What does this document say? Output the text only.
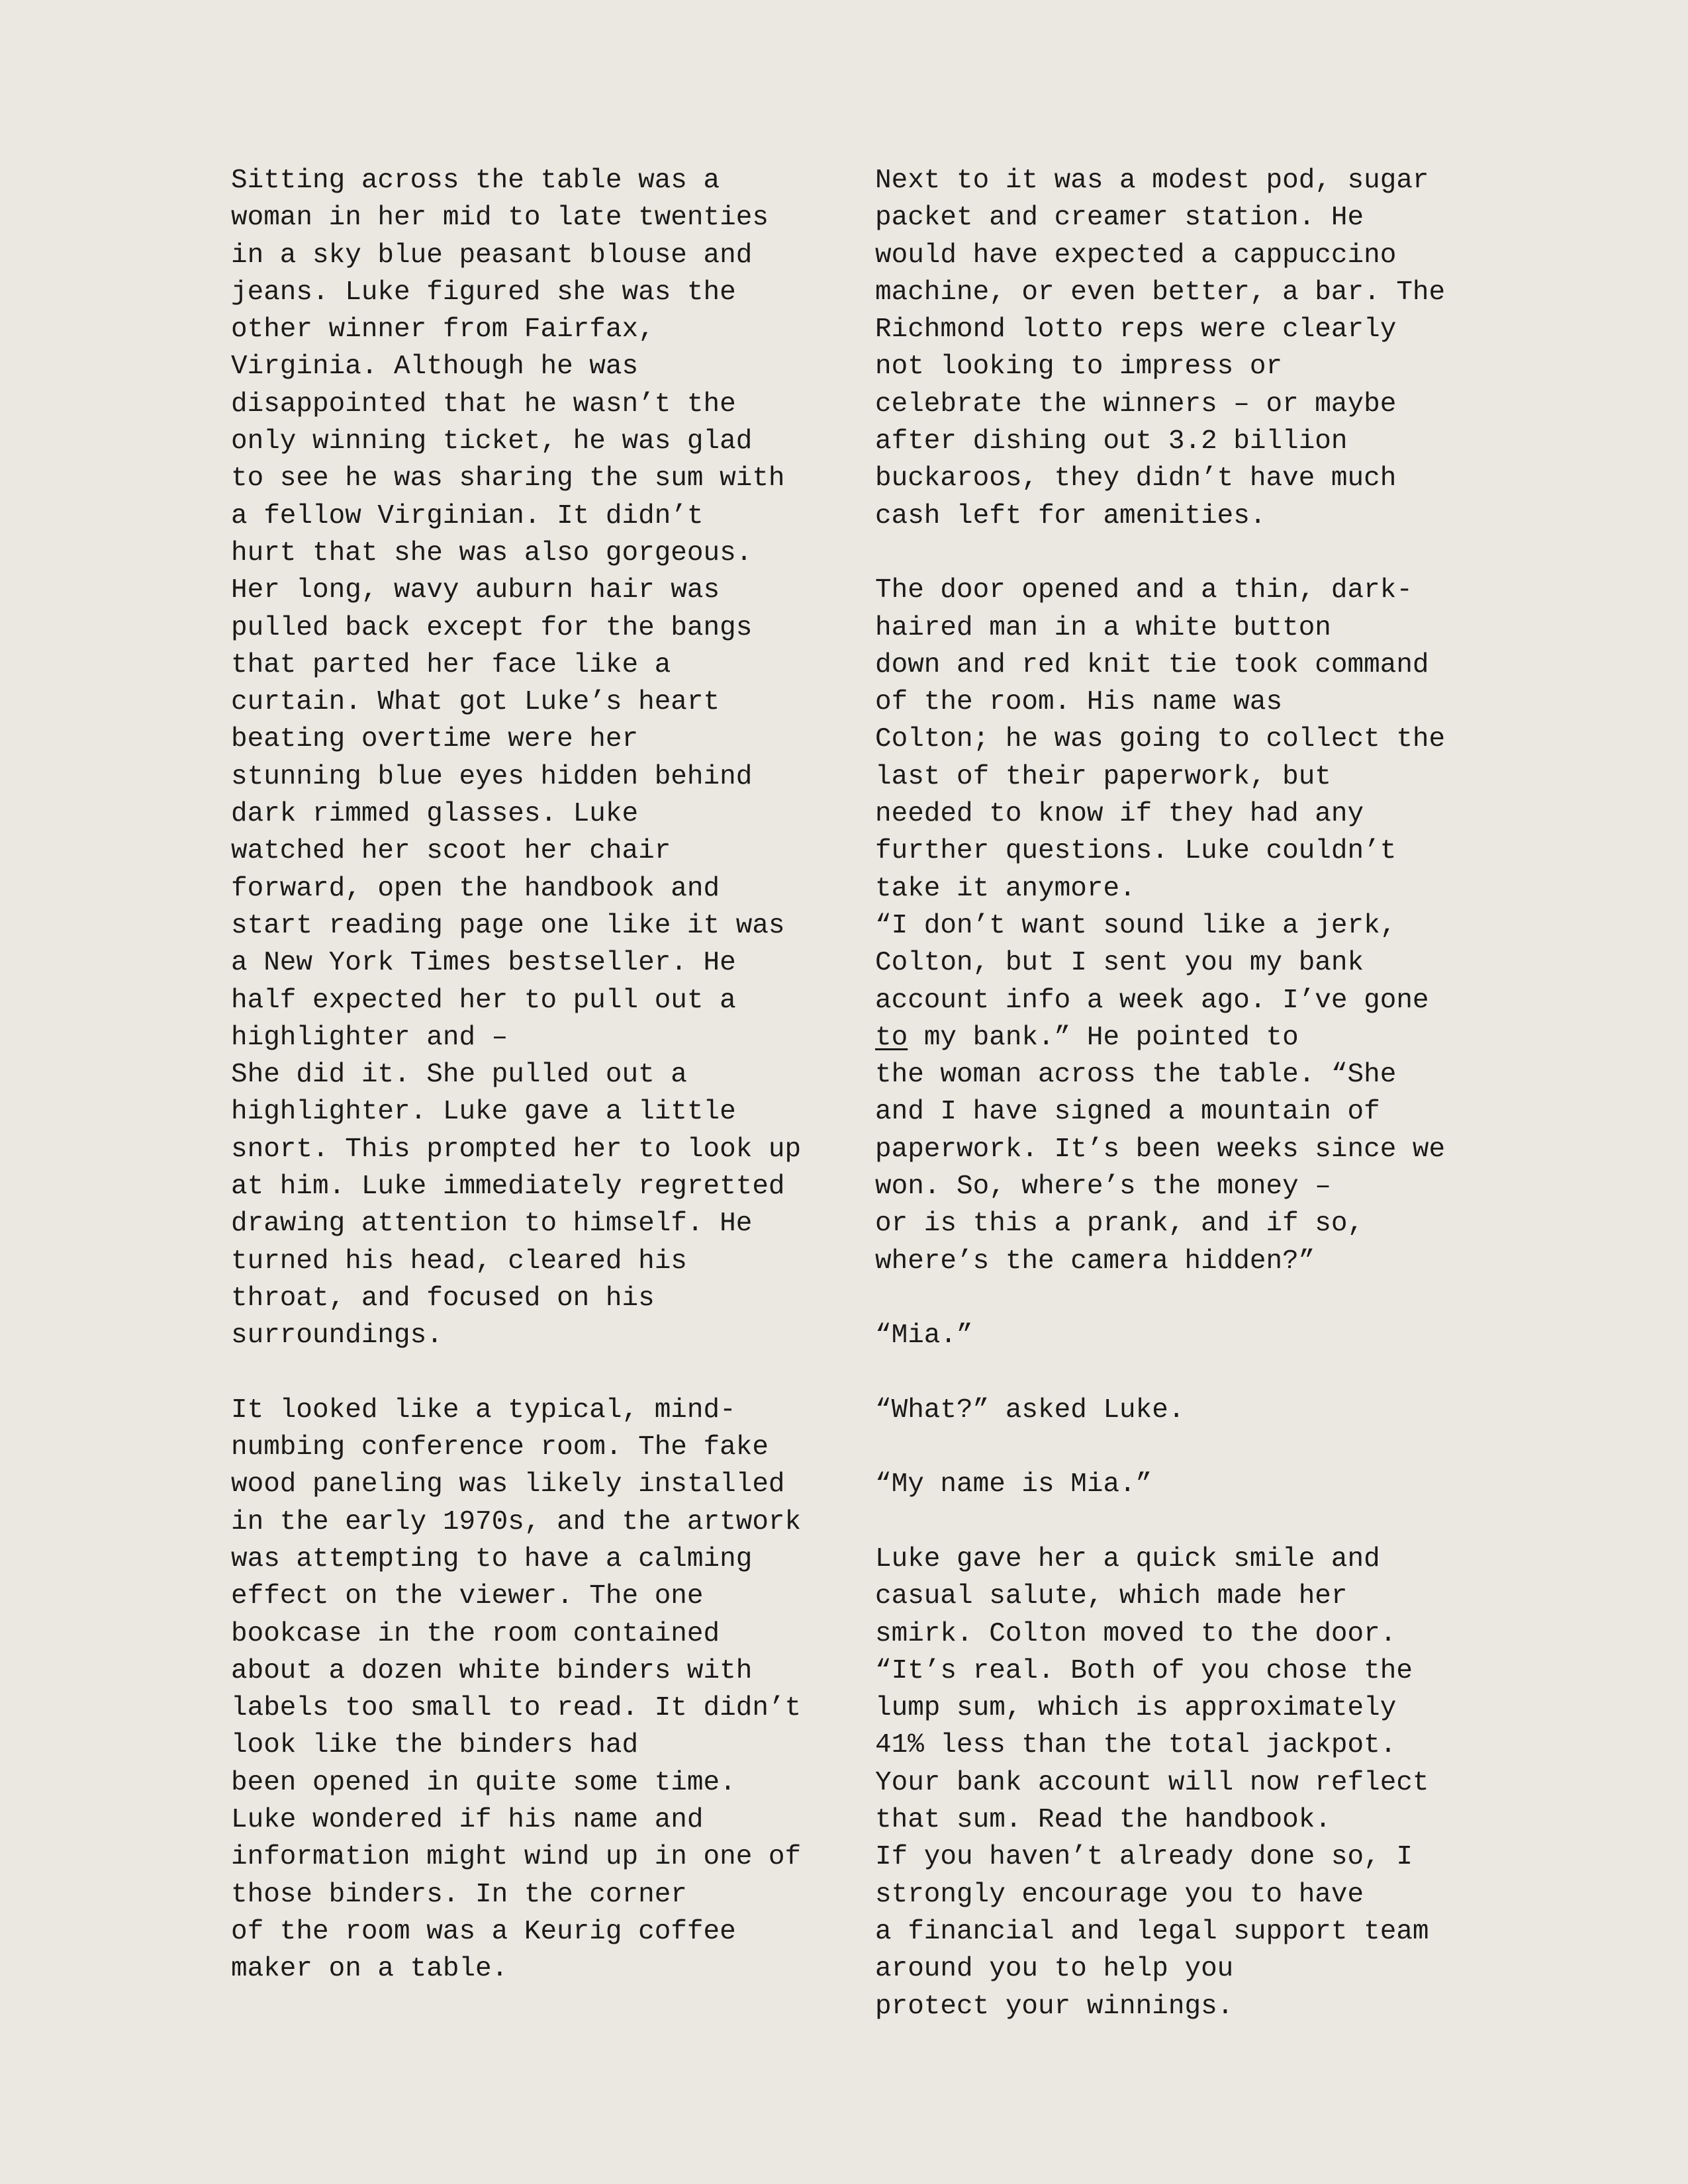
Sitting across the table was a
woman in her mid to late twenties
in a sky blue peasant blouse and
jeans. Luke figured she was the
other winner from Fairfax,
Virginia. Although he was
disappointed that he wasn’t the
only winning ticket, he was glad
to see he was sharing the sum with
a fellow Virginian. It didn’t
hurt that she was also gorgeous.
Her long, wavy auburn hair was
pulled back except for the bangs
that parted her face like a
curtain. What got Luke’s heart
beating overtime were her
stunning blue eyes hidden behind
dark rimmed glasses. Luke
watched her scoot her chair
forward, open the handbook and
start reading page one like it was
a New York Times bestseller. He
half expected her to pull out a
highlighter and –
She did it. She pulled out a
highlighter. Luke gave a little
snort. This prompted her to look up
at him. Luke immediately regretted
drawing attention to himself. He
turned his head, cleared his
throat, and focused on his
surroundings.
It looked like a typical, mind-
numbing conference room. The fake
wood paneling was likely installed
in the early 1970s, and the artwork
was attempting to have a calming
effect on the viewer. The one
bookcase in the room contained
about a dozen white binders with
labels too small to read. It didn’t
look like the binders had
been opened in quite some time.
Luke wondered if his name and
information might wind up in one of
those binders. In the corner
of the room was a Keurig coffee
maker on a table.
Next to it was a modest pod, sugar
packet and creamer station. He
would have expected a cappuccino
machine, or even better, a bar. The
Richmond lotto reps were clearly
not looking to impress or
celebrate the winners – or maybe
after dishing out 3.2 billion
buckaroos, they didn’t have much
cash left for amenities.
The door opened and a thin, dark-
haired man in a white button
down and red knit tie took command
of the room. His name was
Colton; he was going to collect the
last of their paperwork, but
needed to know if they had any
further questions. Luke couldn’t
take it anymore.
“I don’t want sound like a jerk,
Colton, but I sent you my bank
account info a week ago. I’ve gone
to my bank.” He pointed to
the woman across the table. “She
and I have signed a mountain of
paperwork. It’s been weeks since we
won. So, where’s the money –
or is this a prank, and if so,
where’s the camera hidden?”
“Mia.”
“What?” asked Luke.
“My name is Mia.”
Luke gave her a quick smile and
casual salute, which made her
smirk. Colton moved to the door.
“It’s real. Both of you chose the
lump sum, which is approximately
41% less than the total jackpot.
Your bank account will now reflect
that sum. Read the handbook.
If you haven’t already done so, I
strongly encourage you to have
a financial and legal support team
around you to help you
protect your winnings.
